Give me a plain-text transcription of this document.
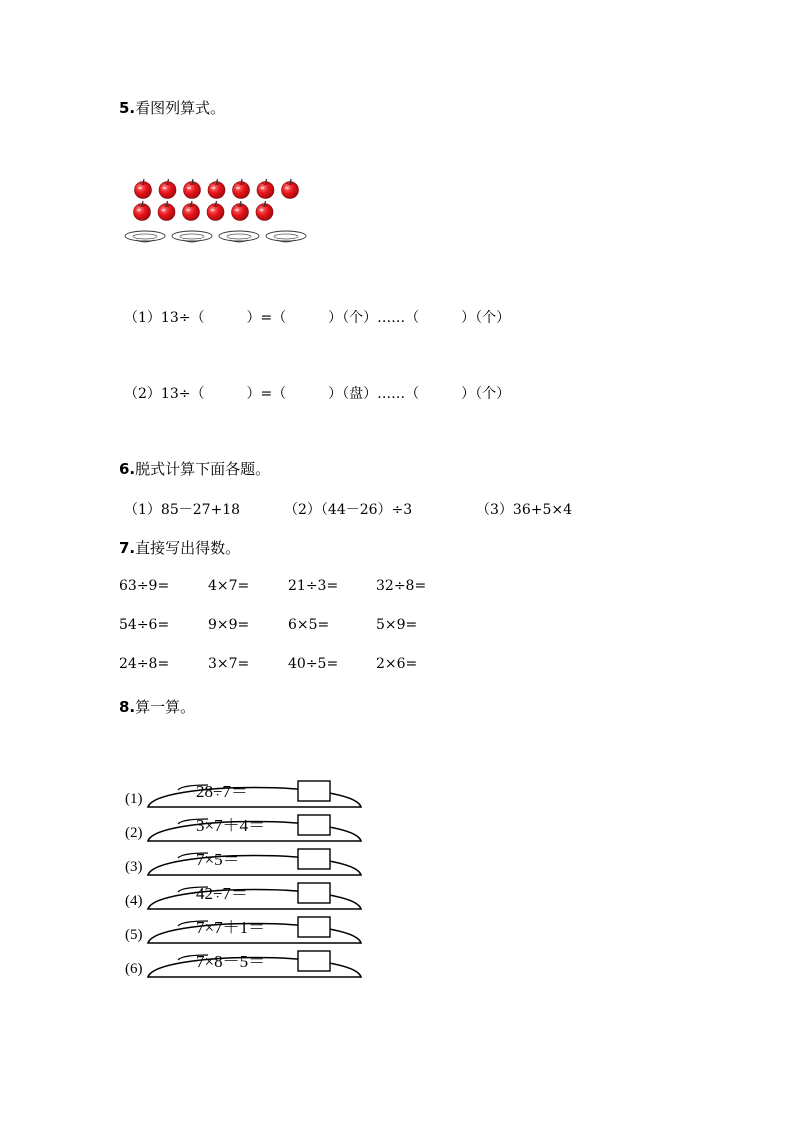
5.看图列算式。
（1）13÷（　　　）=（　　　）（个）……（　　　）（个）
（2）13÷（　　　）=（　　　）（盘）……（　　　）（个）
6.脱式计算下面各题。
（1）85－27+18	（2）（44－26）÷3	（3）36+5×4
7.直接写出得数。
63÷9=	4×7=	21÷3=	32÷8=
54÷6=	9×9=	6×5=	5×9=
24÷8=	3×7=	40÷5=	2×6=
8.算一算。
(1)	28÷7＝
(2)	3×7＋4＝
(3)	7×5＝
(4)	42÷7＝
(5)	7×7＋1＝
(6)	7×8－5＝
